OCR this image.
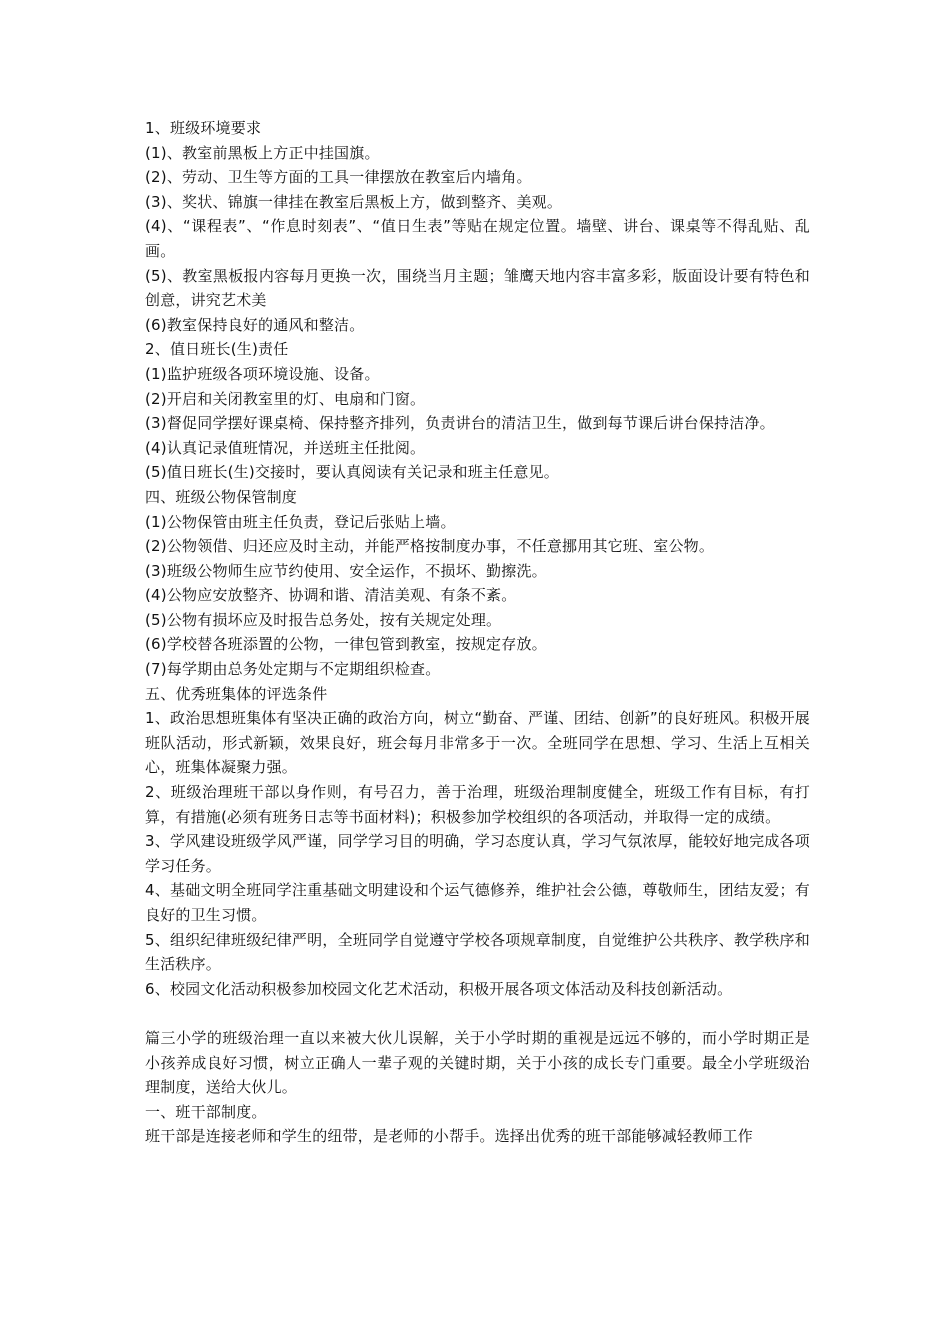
1、班级环境要求

(1)、教室前黑板上方正中挂国旗。

(2)、劳动、卫生等方面的工具一律摆放在教室后内墙角。

(3)、奖状、锦旗一律挂在教室后黑板上方，做到整齐、美观。

(4)、“课程表”、“作息时刻表”、“值日生表”等贴在规定位置。墙壁、讲台、课桌等不得乱贴、乱画。

(5)、教室黑板报内容每月更换一次，围绕当月主题；雏鹰天地内容丰富多彩，版面设计要有特色和创意，讲究艺术美

(6)教室保持良好的通风和整洁。

2、值日班长(生)责任

(1)监护班级各项环境设施、设备。

(2)开启和关闭教室里的灯、电扇和门窗。

(3)督促同学摆好课桌椅、保持整齐排列，负责讲台的清洁卫生，做到每节课后讲台保持洁净。

(4)认真记录值班情况，并送班主任批阅。

(5)值日班长(生)交接时，要认真阅读有关记录和班主任意见。

四、班级公物保管制度

(1)公物保管由班主任负责，登记后张贴上墙。

(2)公物领借、归还应及时主动，并能严格按制度办事，不任意挪用其它班、室公物。

(3)班级公物师生应节约使用、安全运作，不损坏、勤擦洗。

(4)公物应安放整齐、协调和谐、清洁美观、有条不紊。

(5)公物有损坏应及时报告总务处，按有关规定处理。

(6)学校替各班添置的公物，一律包管到教室，按规定存放。

(7)每学期由总务处定期与不定期组织检查。

五、优秀班集体的评选条件

1、政治思想班集体有坚决正确的政治方向，树立“勤奋、严谨、团结、创新”的良好班风。积极开展班队活动，形式新颖，效果良好，班会每月非常多于一次。全班同学在思想、学习、生活上互相关心，班集体凝聚力强。

2、班级治理班干部以身作则，有号召力，善于治理，班级治理制度健全，班级工作有目标，有打算，有措施(必须有班务日志等书面材料)；积极参加学校组织的各项活动，并取得一定的成绩。

3、学风建设班级学风严谨，同学学习目的明确，学习态度认真，学习气氛浓厚，能较好地完成各项学习任务。

4、基础文明全班同学注重基础文明建设和个运气德修养，维护社会公德，尊敬师生，团结友爱；有良好的卫生习惯。

5、组织纪律班级纪律严明，全班同学自觉遵守学校各项规章制度，自觉维护公共秩序、教学秩序和生活秩序。

6、校园文化活动积极参加校园文化艺术活动，积极开展各项文体活动及科技创新活动。

篇三小学的班级治理一直以来被大伙儿误解，关于小学时期的重视是远远不够的，而小学时期正是小孩养成良好习惯，树立正确人一辈子观的关键时期，关于小孩的成长专门重要。最全小学班级治理制度，送给大伙儿。

一、班干部制度。

班干部是连接老师和学生的纽带，是老师的小帮手。选择出优秀的班干部能够减轻教师工作
